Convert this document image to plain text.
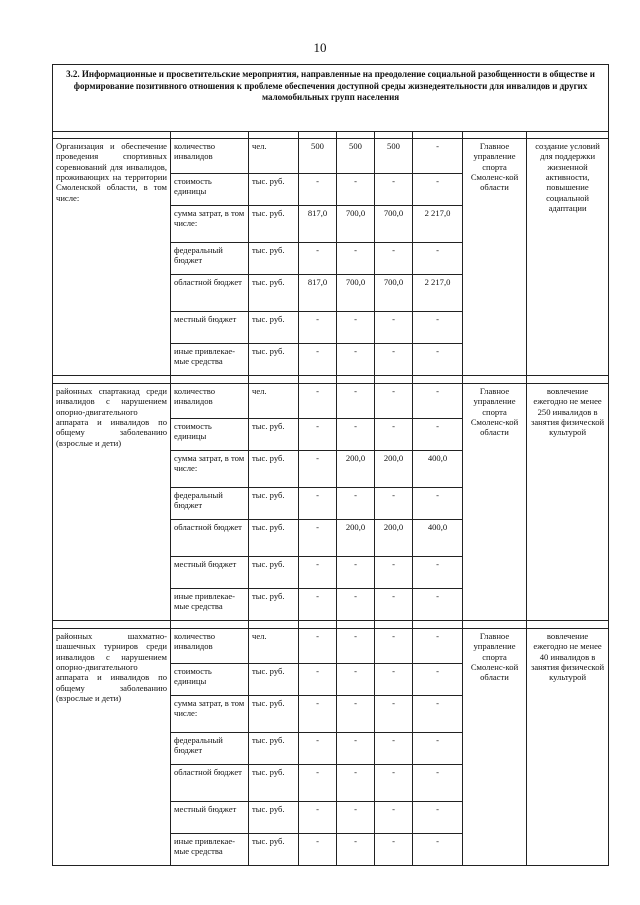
10
3.2. Информационные и просветительские мероприятия, направленные на преодоление социальной разобщенности в обществе и формирование позитивного отношения к проблеме обеспечения доступной среды жизнедеятельности для инвалидов и других маломобильных групп населения								

Организация и обеспечение проведения спортивных соревнований для инвалидов, проживающих на территории Смоленской области, в том числе:	количество инвалидов	чел.	500	500	500	-	Главное управление спорта Смоленс-кой области	создание условий для поддержки жизненной активности, повышение социальной адаптации
	стоимость единицы	тыс. руб.	-	-	-	-		
	сумма затрат, в том числе:	тыс. руб.	817,0	700,0	700,0	2 217,0		
	федеральный бюджет	тыс. руб.	-	-	-	-		
	областной бюджет	тыс. руб.	817,0	700,0	700,0	2 217,0		
	местный бюджет	тыс. руб.	-	-	-	-		
	иные привлекае-мые средства	тыс. руб.	-	-	-	-		

районных спартакиад среди инвалидов с нарушением опорно-двигательного аппарата и инвалидов по общему заболеванию (взрослые и дети)	количество инвалидов	чел.	-	-	-	-	Главное управление спорта Смоленс-кой области	вовлечение ежегодно не менее 250 инвалидов в занятия физической культурой
	стоимость единицы	тыс. руб.	-	-	-	-		
	сумма затрат, в том числе:	тыс. руб.	-	200,0	200,0	400,0		
	федеральный бюджет	тыс. руб.	-	-	-	-		
	областной бюджет	тыс. руб.	-	200,0	200,0	400,0		
	местный бюджет	тыс. руб.	-	-	-	-		
	иные привлекае-мые средства	тыс. руб.	-	-	-	-		

районных шахматно-шашечных турниров среди инвалидов с нарушением опорно-двигательного аппарата и инвалидов по общему заболеванию (взрослые и дети)	количество инвалидов	чел.	-	-	-	-	Главное управление спорта Смоленс-кой области	вовлечение ежегодно не менее 40 инвалидов в занятия физической культурой
	стоимость единицы	тыс. руб.	-	-	-	-		
	сумма затрат, в том числе:	тыс. руб.	-	-	-	-		
	федеральный бюджет	тыс. руб.	-	-	-	-		
	областной бюджет	тыс. руб.	-	-	-	-		
	местный бюджет	тыс. руб.	-	-	-	-		
	иные привлекае-мые средства	тыс. руб.	-	-	-	-		
